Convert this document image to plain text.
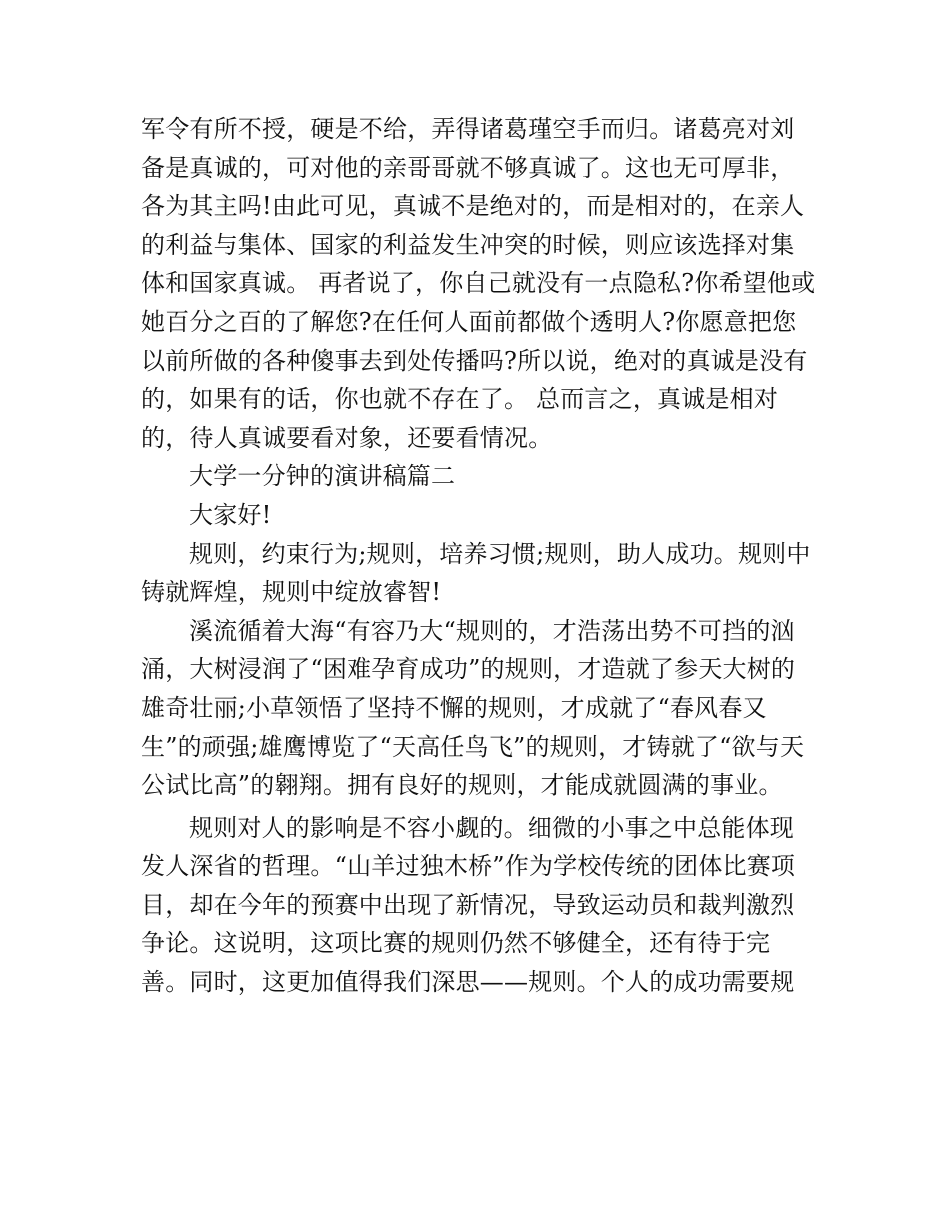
军令有所不授，硬是不给，弄得诸葛瑾空手而归。诸葛亮对刘备是真诚的，可对他的亲哥哥就不够真诚了。这也无可厚非，各为其主吗!由此可见，真诚不是绝对的，而是相对的，在亲人的利益与集体、国家的利益发生冲突的时候，则应该选择对集体和国家真诚。 再者说了，你自己就没有一点隐私?你希望他或她百分之百的了解您?在任何人面前都做个透明人?你愿意把您以前所做的各种傻事去到处传播吗?所以说，绝对的真诚是没有的，如果有的话，你也就不存在了。 总而言之，真诚是相对的，待人真诚要看对象，还要看情况。

大学一分钟的演讲稿篇二

大家好!

规则，约束行为;规则，培养习惯;规则，助人成功。规则中铸就辉煌，规则中绽放睿智!

溪流循着大海“有容乃大“规则的，才浩荡出势不可挡的汹涌，大树浸润了“困难孕育成功”的规则，才造就了参天大树的雄奇壮丽;小草领悟了坚持不懈的规则，才成就了“春风春又生”的顽强;雄鹰博览了“天高任鸟飞”的规则，才铸就了“欲与天公试比高”的翱翔。拥有良好的规则，才能成就圆满的事业。

规则对人的影响是不容小觑的。细微的小事之中总能体现发人深省的哲理。“山羊过独木桥”作为学校传统的团体比赛项目，却在今年的预赛中出现了新情况，导致运动员和裁判激烈争论。这说明，这项比赛的规则仍然不够健全，还有待于完善。同时，这更加值得我们深思——规则。个人的成功需要规
